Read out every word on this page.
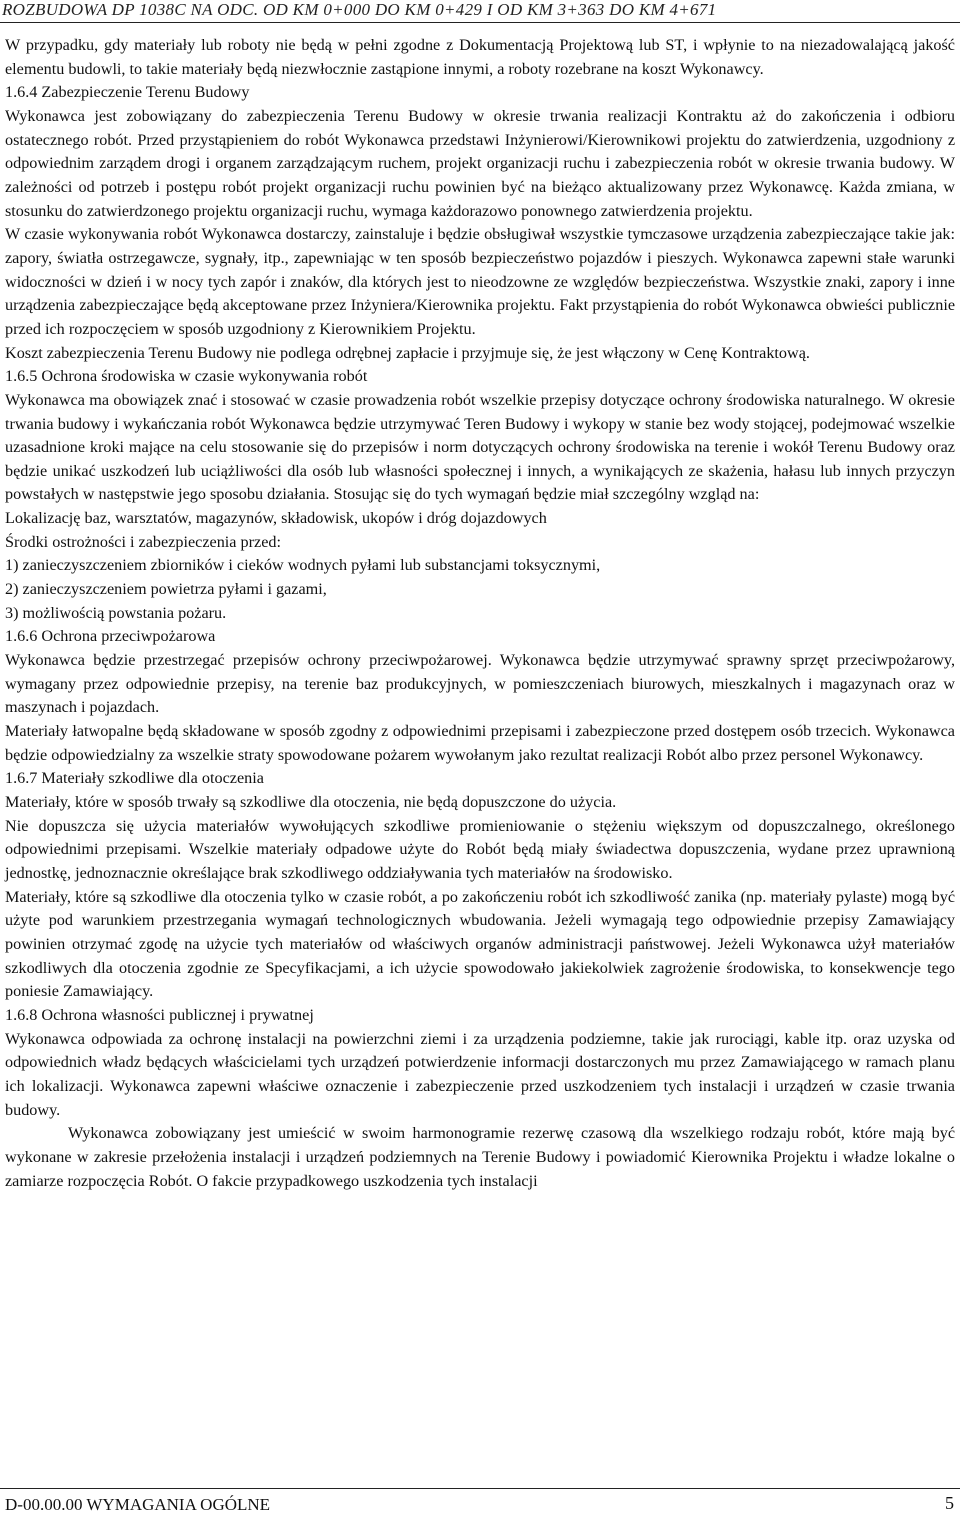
ROZBUDOWA DP 1038C NA ODC. OD KM 0+000 DO KM 0+429 I OD KM 3+363 DO KM 4+671

W przypadku, gdy materiały lub roboty nie będą w pełni zgodne z Dokumentacją Projektową lub ST, i wpłynie to na niezadowalającą jakość elementu budowli, to takie materiały będą niezwłocznie zastąpione innymi, a roboty rozebrane na koszt Wykonawcy.

1.6.4 Zabezpieczenie Terenu Budowy

Wykonawca jest zobowiązany do zabezpieczenia Terenu Budowy w okresie trwania realizacji Kontraktu aż do zakończenia i odbioru ostatecznego robót. Przed przystąpieniem do robót Wykonawca przedstawi Inżynierowi/Kierownikowi projektu do zatwierdzenia, uzgodniony z odpowiednim zarządem drogi i organem zarządzającym ruchem, projekt organizacji ruchu i zabezpieczenia robót w okresie trwania budowy. W zależności od potrzeb i postępu robót projekt organizacji ruchu powinien być na bieżąco aktualizowany przez Wykonawcę. Każda zmiana, w stosunku do zatwierdzonego projektu organizacji ruchu, wymaga każdorazowo ponownego zatwierdzenia projektu.

W czasie wykonywania robót Wykonawca dostarczy, zainstaluje i będzie obsługiwał wszystkie tymczasowe urządzenia zabezpieczające takie jak: zapory, światła ostrzegawcze, sygnały, itp., zapewniając w ten sposób bezpieczeństwo pojazdów i pieszych. Wykonawca zapewni stałe warunki widoczności w dzień i w nocy tych zapór i znaków, dla których jest to nieodzowne ze względów bezpieczeństwa. Wszystkie znaki, zapory i inne urządzenia zabezpieczające będą akceptowane przez Inżyniera/Kierownika projektu. Fakt przystąpienia do robót Wykonawca obwieści publicznie przed ich rozpoczęciem w sposób uzgodniony z Kierownikiem Projektu.

Koszt zabezpieczenia Terenu Budowy nie podlega odrębnej zapłacie i przyjmuje się, że jest włączony w Cenę Kontraktową.

1.6.5 Ochrona środowiska w czasie wykonywania robót

Wykonawca ma obowiązek znać i stosować w czasie prowadzenia robót wszelkie przepisy dotyczące ochrony środowiska naturalnego. W okresie trwania budowy i wykańczania robót Wykonawca będzie utrzymywać Teren Budowy i wykopy w stanie bez wody stojącej, podejmować wszelkie uzasadnione kroki mające na celu stosowanie się do przepisów i norm dotyczących ochrony środowiska na terenie i wokół Terenu Budowy oraz będzie unikać uszkodzeń lub uciążliwości dla osób lub własności społecznej i innych, a wynikających ze skażenia, hałasu lub innych przyczyn powstałych w następstwie jego sposobu działania. Stosując się do tych wymagań będzie miał szczególny wzgląd na:

Lokalizację baz, warsztatów, magazynów, składowisk, ukopów i dróg dojazdowych

Środki ostrożności i zabezpieczenia przed:

1) zanieczyszczeniem zbiorników i cieków wodnych pyłami lub substancjami toksycznymi,

2) zanieczyszczeniem powietrza pyłami i gazami,

3) możliwością powstania pożaru.

1.6.6 Ochrona przeciwpożarowa

Wykonawca będzie przestrzegać przepisów ochrony przeciwpożarowej. Wykonawca będzie utrzymywać sprawny sprzęt przeciwpożarowy, wymagany przez odpowiednie przepisy, na terenie baz produkcyjnych, w pomieszczeniach biurowych, mieszkalnych i magazynach oraz w maszynach i pojazdach.

Materiały łatwopalne będą składowane w sposób zgodny z odpowiednimi przepisami i zabezpieczone przed dostępem osób trzecich. Wykonawca będzie odpowiedzialny za wszelkie straty spowodowane pożarem wywołanym jako rezultat realizacji Robót albo przez personel Wykonawcy.

1.6.7 Materiały szkodliwe dla otoczenia

Materiały, które w sposób trwały są szkodliwe dla otoczenia, nie będą dopuszczone do użycia.

Nie dopuszcza się użycia materiałów wywołujących szkodliwe promieniowanie o stężeniu większym od dopuszczalnego, określonego odpowiednimi przepisami. Wszelkie materiały odpadowe użyte do Robót będą miały świadectwa dopuszczenia, wydane przez uprawnioną jednostkę, jednoznacznie określające brak szkodliwego oddziaływania tych materiałów na środowisko.

Materiały, które są szkodliwe dla otoczenia tylko w czasie robót, a po zakończeniu robót ich szkodliwość zanika (np. materiały pylaste) mogą być użyte pod warunkiem przestrzegania wymagań technologicznych wbudowania. Jeżeli wymagają tego odpowiednie przepisy Zamawiający powinien otrzymać zgodę na użycie tych materiałów od właściwych organów administracji państwowej. Jeżeli Wykonawca użył materiałów szkodliwych dla otoczenia zgodnie ze Specyfikacjami, a ich użycie spowodowało jakiekolwiek zagrożenie środowiska, to konsekwencje tego poniesie Zamawiający.

1.6.8 Ochrona własności publicznej i prywatnej

Wykonawca odpowiada za ochronę instalacji na powierzchni ziemi i za urządzenia podziemne, takie jak rurociągi, kable itp. oraz uzyska od odpowiednich władz będących właścicielami tych urządzeń potwierdzenie informacji dostarczonych mu przez Zamawiającego w ramach planu ich lokalizacji. Wykonawca zapewni właściwe oznaczenie i zabezpieczenie przed uszkodzeniem tych instalacji i urządzeń w czasie trwania budowy.

Wykonawca zobowiązany jest umieścić w swoim harmonogramie rezerwę czasową dla wszelkiego rodzaju robót, które mają być wykonane w zakresie przełożenia instalacji i urządzeń podziemnych na Terenie Budowy i powiadomić Kierownika Projektu i władze lokalne o zamiarze rozpoczęcia Robót. O fakcie przypadkowego uszkodzenia tych instalacji

D-00.00.00 WYMAGANIA OGÓLNE	5
